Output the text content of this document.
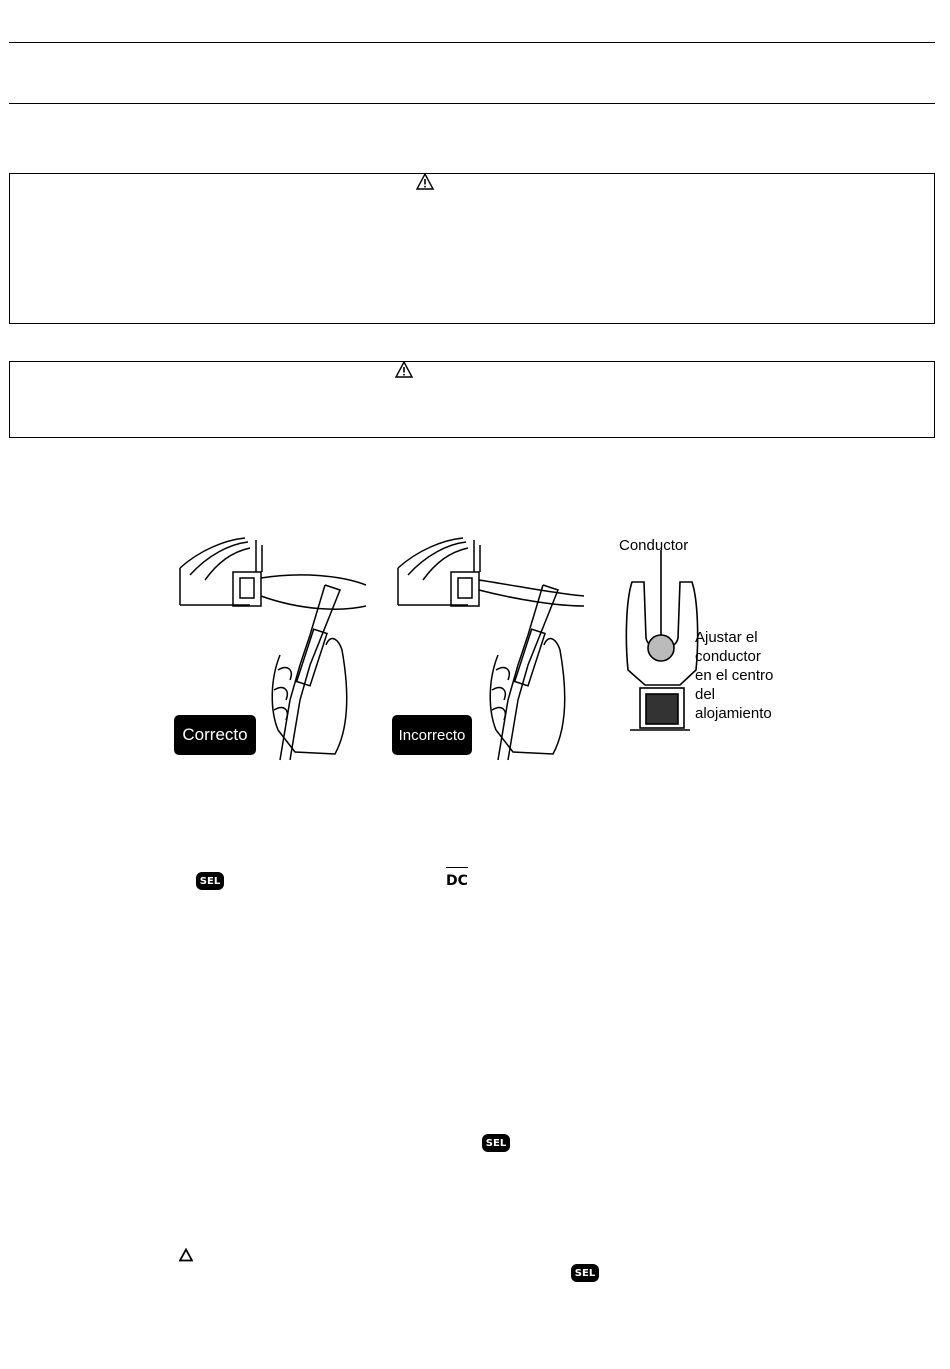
Correcto	Incorrecto
Conductor
Ajustar el
conductor
en el centro
del
alojamiento
SEL	DC
SEL
SEL
